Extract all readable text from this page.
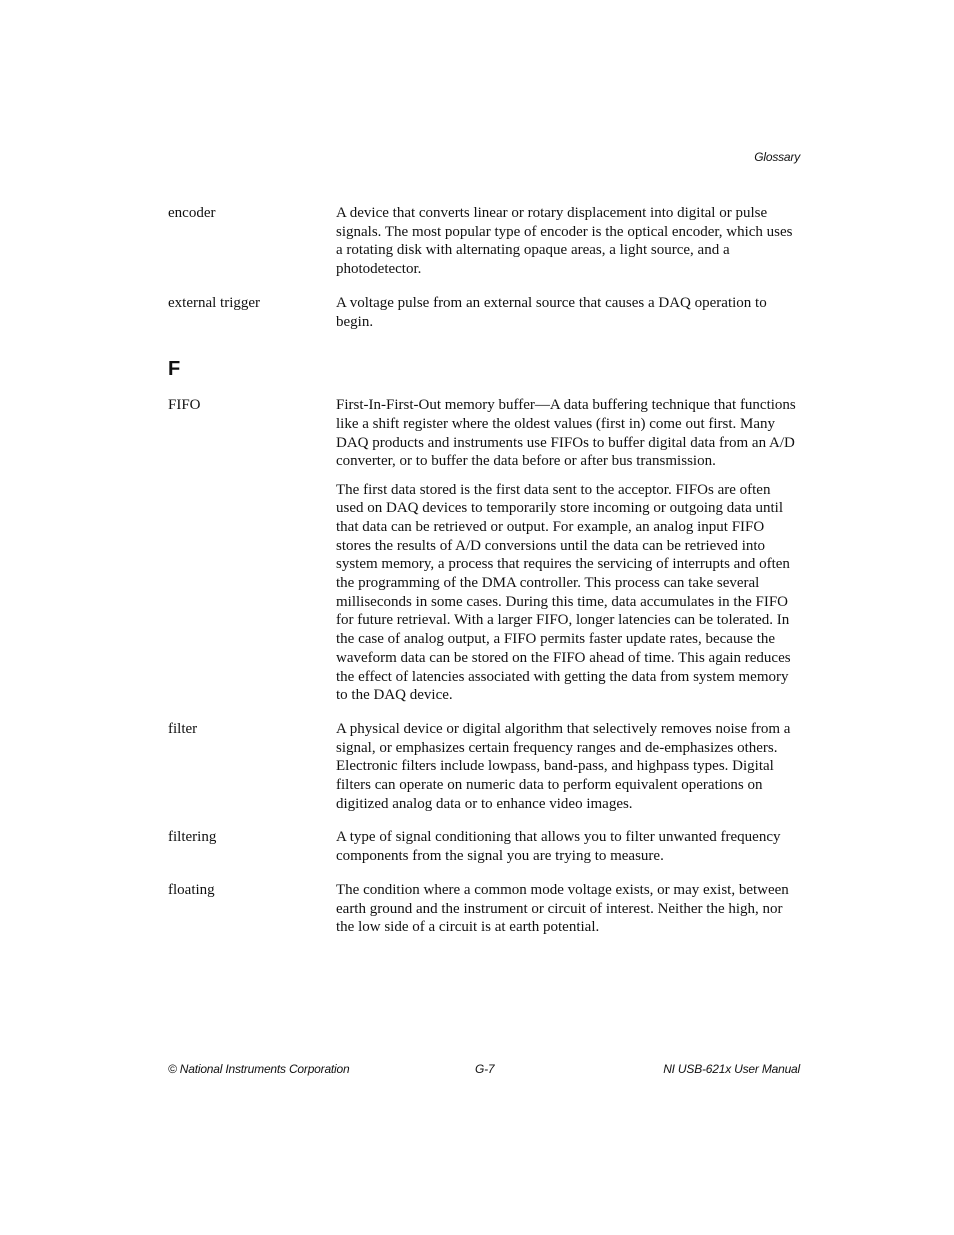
Glossary
encoder	A device that converts linear or rotary displacement into digital or pulse signals. The most popular type of encoder is the optical encoder, which uses a rotating disk with alternating opaque areas, a light source, and a photodetector.

external trigger	A voltage pulse from an external source that causes a DAQ operation to begin.

F
FIFO	First-In-First-Out memory buffer—A data buffering technique that functions like a shift register where the oldest values (first in) come out first. Many DAQ products and instruments use FIFOs to buffer digital data from an A/D converter, or to buffer the data before or after bus transmission.

The first data stored is the first data sent to the acceptor. FIFOs are often used on DAQ devices to temporarily store incoming or outgoing data until that data can be retrieved or output. For example, an analog input FIFO stores the results of A/D conversions until the data can be retrieved into system memory, a process that requires the servicing of interrupts and often the programming of the DMA controller. This process can take several milliseconds in some cases. During this time, data accumulates in the FIFO for future retrieval. With a larger FIFO, longer latencies can be tolerated. In the case of analog output, a FIFO permits faster update rates, because the waveform data can be stored on the FIFO ahead of time. This again reduces the effect of latencies associated with getting the data from system memory to the DAQ device.

filter	A physical device or digital algorithm that selectively removes noise from a signal, or emphasizes certain frequency ranges and de-emphasizes others. Electronic filters include lowpass, band-pass, and highpass types. Digital filters can operate on numeric data to perform equivalent operations on digitized analog data or to enhance video images.

filtering	A type of signal conditioning that allows you to filter unwanted frequency components from the signal you are trying to measure.

floating	The condition where a common mode voltage exists, or may exist, between earth ground and the instrument or circuit of interest. Neither the high, nor the low side of a circuit is at earth potential.

© National Instruments Corporation	G-7	NI USB-621x User Manual
